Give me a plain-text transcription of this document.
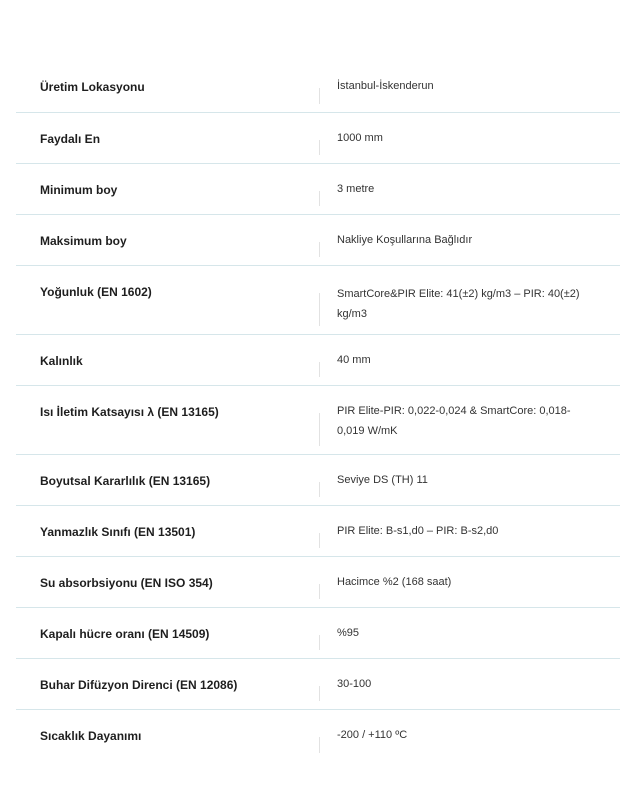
Üretim Lokasyonu	İstanbul-İskenderun
Faydalı En	1000 mm
Minimum boy	3 metre
Maksimum boy	Nakliye Koşullarına Bağlıdır
Yoğunluk (EN 1602)	SmartCore&PIR Elite: 41(±2) kg/m3 – PIR: 40(±2) kg/m3
Kalınlık	40 mm
Isı İletim Katsayısı λ (EN 13165)	PIR Elite-PIR: 0,022-0,024 & SmartCore: 0,018-0,019 W/mK
Boyutsal Kararlılık (EN 13165)	Seviye DS (TH) 11
Yanmazlık Sınıfı (EN 13501)	PIR Elite: B-s1,d0 – PIR: B-s2,d0
Su absorbsiyonu (EN ISO 354)	Hacimce %2 (168 saat)
Kapalı hücre oranı (EN 14509)	%95
Buhar Difüzyon Direnci (EN 12086)	30-100
Sıcaklık Dayanımı	-200 / +110 ºC
